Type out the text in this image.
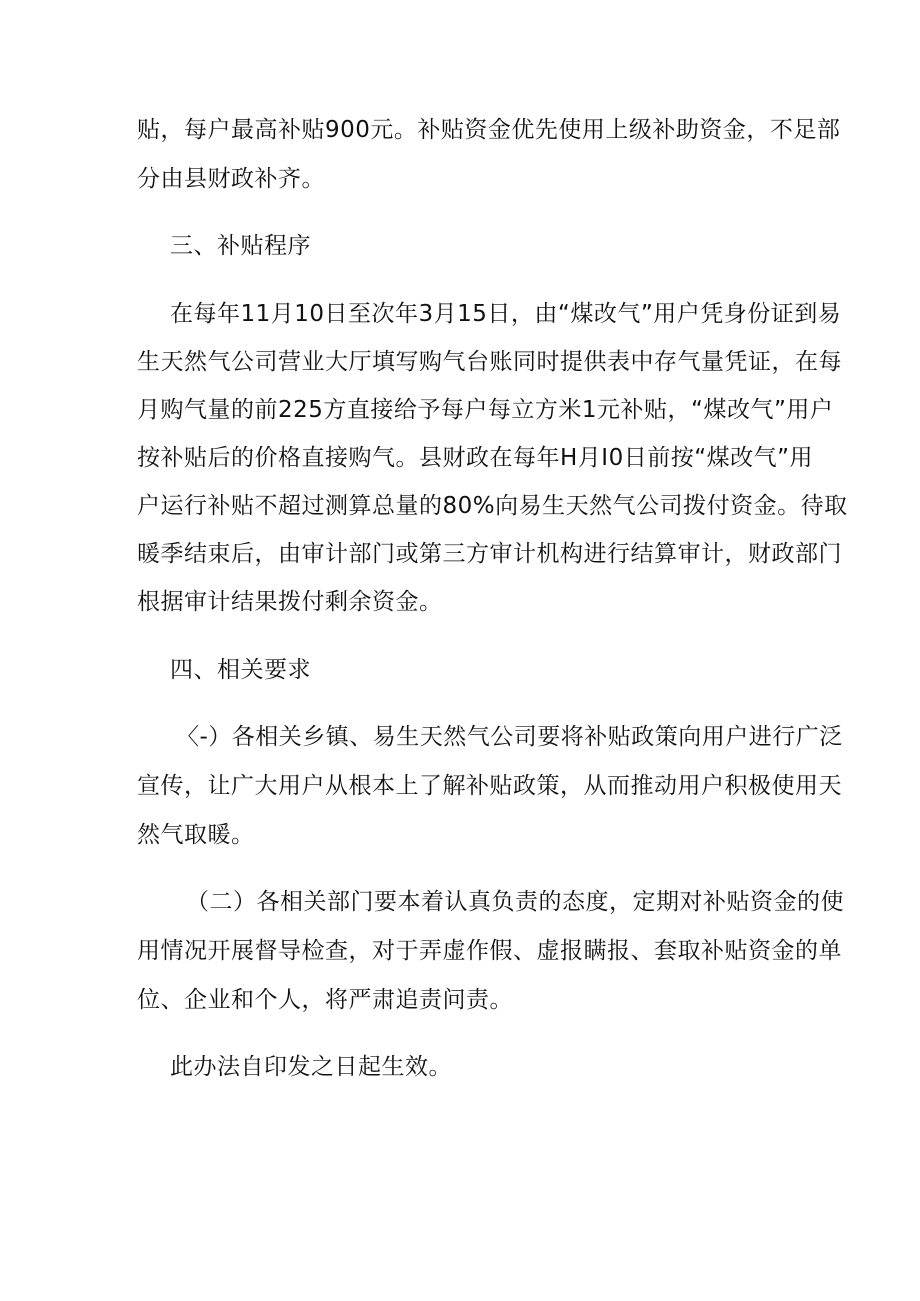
贴，每户最高补贴900元。补贴资金优先使用上级补助资金，不足部
分由县财政补齐。
三、补贴程序
在每年11月10日至次年3月15日，由“煤改气”用户凭身份证到易
生天然气公司营业大厅填写购气台账同时提供表中存气量凭证，在每
月购气量的前225方直接给予每户每立方米1元补贴，“煤改气”用户
按补贴后的价格直接购气。县财政在每年H月I0日前按“煤改气”用
户运行补贴不超过测算总量的80%向易生天然气公司拨付资金。待取
暖季结束后，由审计部门或第三方审计机构进行结算审计，财政部门
根据审计结果拨付剩余资金。
四、相关要求
〈-）各相关乡镇、易生天然气公司要将补贴政策向用户进行广泛
宣传，让广大用户从根本上了解补贴政策，从而推动用户积极使用天
然气取暖。
（二）各相关部门要本着认真负责的态度，定期对补贴资金的使
用情况开展督导检查，对于弄虚作假、虚报瞒报、套取补贴资金的单
位、企业和个人，将严肃追责问责。
此办法自印发之日起生效。
